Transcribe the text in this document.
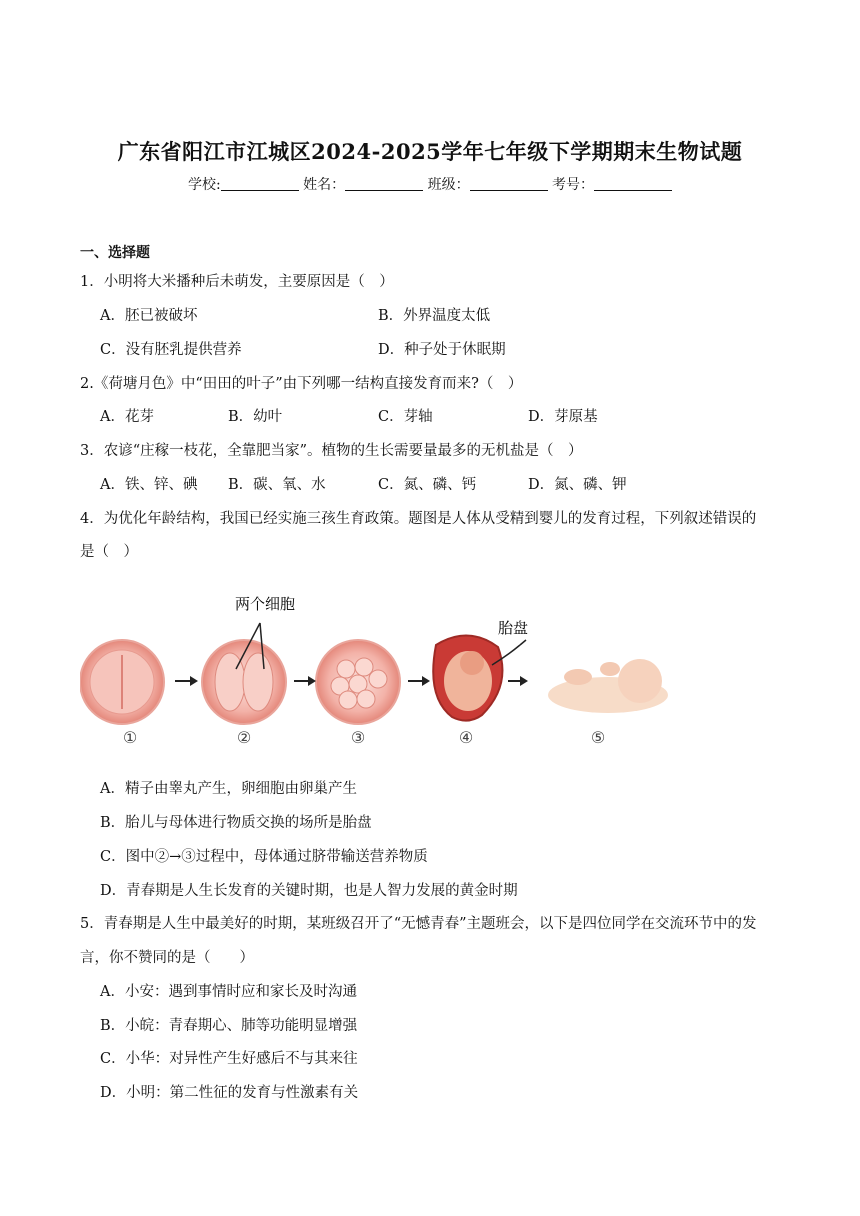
广东省阳江市江城区2024-2025学年七年级下学期期末生物试题
学校:	姓名：	班级：	考号：
一、选择题
1．小明将大米播种后未萌发，主要原因是（　）
A．胚已被破坏	B．外界温度太低
C．没有胚乳提供营养	D．种子处于休眠期
2.《荷塘月色》中“田田的叶子”由下列哪一结构直接发育而来?（　）
A．花芽	B．幼叶	C．芽轴	D．芽原基
3．农谚“庄稼一枝花，全靠肥当家”。植物的生长需要量最多的无机盐是（　）
A．铁、锌、碘 B．碳、氧、水	C．氮、磷、钙	D．氮、磷、钾
4．为优化年龄结构，我国已经实施三孩生育政策。题图是人体从受精到婴儿的发育过程，下列叙述错误的
是（　）
两个细胞
胎盘
①	②	③	④	⑤
A．精子由睾丸产生，卵细胞由卵巢产生
B．胎儿与母体进行物质交换的场所是胎盘
C．图中②→③过程中，母体通过脐带输送营养物质
D．青春期是人生长发育的关键时期，也是人智力发展的黄金时期
5．青春期是人生中最美好的时期，某班级召开了“无憾青春”主题班会，以下是四位同学在交流环节中的发
言，你不赞同的是（　　）
A．小安：遇到事情时应和家长及时沟通
B．小皖：青春期心、肺等功能明显增强
C．小华：对异性产生好感后不与其来往
D．小明：第二性征的发育与性激素有关
